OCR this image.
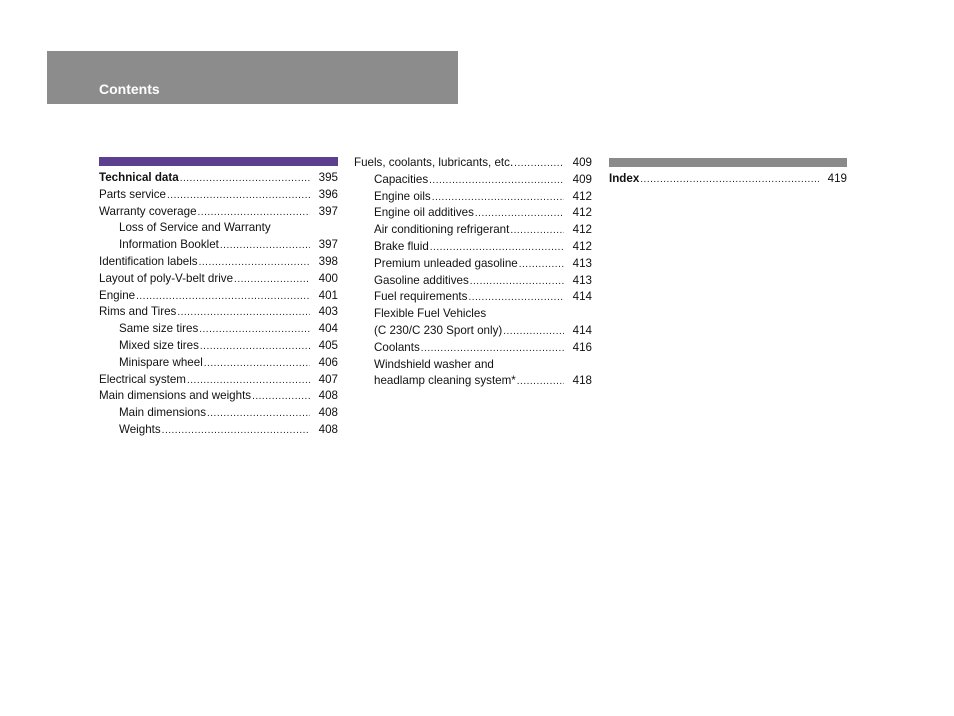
Contents
Technical data .....	395
Parts service .....	396
Warranty coverage .....	397
Loss of Service and Warranty
Information Booklet .....	397
Identification labels .....	398
Layout of poly-V-belt drive .....	400
Engine .....	401
Rims and Tires .....	403
Same size tires .....	404
Mixed size tires .....	405
Minispare wheel .....	406
Electrical system .....	407
Main dimensions and weights .....	408
Main dimensions .....	408
Weights .....	408
Fuels, coolants, lubricants, etc. .....	409
Capacities .....	409
Engine oils .....	412
Engine oil additives .....	412
Air conditioning refrigerant .....	412
Brake fluid .....	412
Premium unleaded gasoline .....	413
Gasoline additives .....	413
Fuel requirements .....	414
Flexible Fuel Vehicles
(C 230/C 230 Sport only) .....	414
Coolants .....	416
Windshield washer and
headlamp cleaning system* .....	418
Index .....	419
